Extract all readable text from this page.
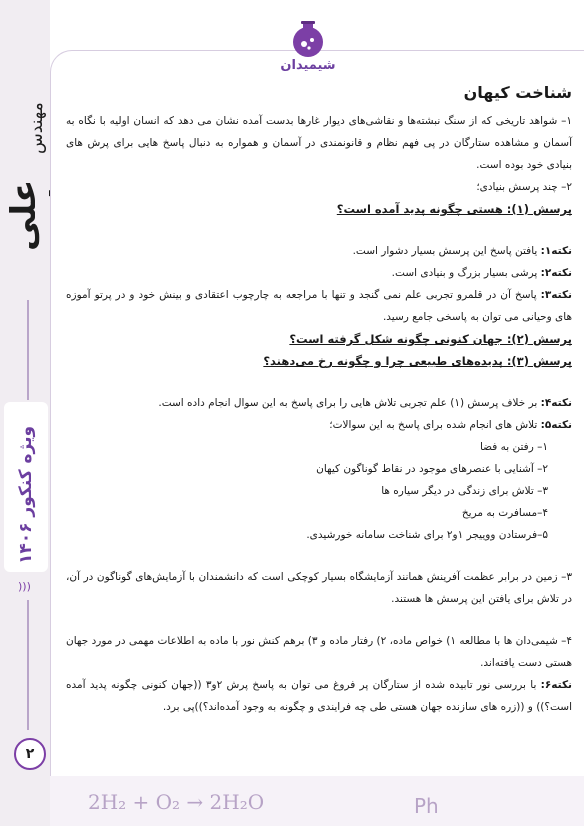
مهندس
علی
ویژه کنکور ۱۴۰۶
)))
۲
شیمیدان
شناخت کیهان

۱– شواهد تاریخی که از سنگ نبشته‌ها و نقاشی‌های دیوار غارها بدست آمده نشان می دهد که انسان اولیه با نگاه به آسمان و مشاهده ستارگان در پی فهم نظام و قانونمندی در آسمان و همواره به دنبال پاسخ هایی برای پرش های بنیادی خود بوده است.

۲– چند پرسش بنیادی؛

پرسش (۱): هستی چگونه پدید آمده است؟

نکته۱: یافتن پاسخ این پرسش بسیار دشوار است.

نکته۲: پرشی بسیار بزرگ و بنیادی است.

نکته۳: پاسخ آن در قلمرو تجربی علم نمی گنجد و تنها با مراجعه به چارچوب اعتقادی و بینش خود و در پرتو آموزه های وحیانی می توان به پاسخی جامع رسید.

پرسش (۲): جهان کنونی چگونه شکل گرفته است؟

پرسش (۳): پدیده‌های طبیعی چرا و چگونه رخ می‌دهند؟

نکته۴: بر خلاف پرسش (۱) علم تجربی تلاش هایی را برای پاسخ به این سوال انجام داده است.

نکته۵: تلاش های انجام شده برای پاسخ به این سوالات؛

۱– رفتن به فضا
۲– آشنایی با عنصرهای موجود در نقاط گوناگون کیهان
۳– تلاش برای زندگی در دیگر سیاره ها
۴–مسافرت به مریخ
۵–فرستادن ووییجر ۱و۲ برای شناخت سامانه خورشیدی.

۳– زمین در برابر عظمت آفرینش همانند آزمایشگاه بسیار کوچکی است که دانشمندان با آزمایش‌های گوناگون در آن، در تلاش برای یافتن این پرسش ها هستند.

۴– شیمی‌دان ها با مطالعه ۱) خواص ماده، ۲) رفتار ماده و ۳) برهم کنش نور با ماده به اطلاعات مهمی در مورد جهان هستی دست یافته‌اند.

نکته۶: با بررسی نور تابیده شده از ستارگان پر فروغ می توان به پاسخ پرش ۲و۳ ((جهان کنونی چگونه پدید آمده است؟)) و ((زره های سازنده جهان هستی طی چه فرایندی و چگونه به وجود آمده‌اند؟))پی برد.

2H₂ + O₂ → 2H₂O	Ph
